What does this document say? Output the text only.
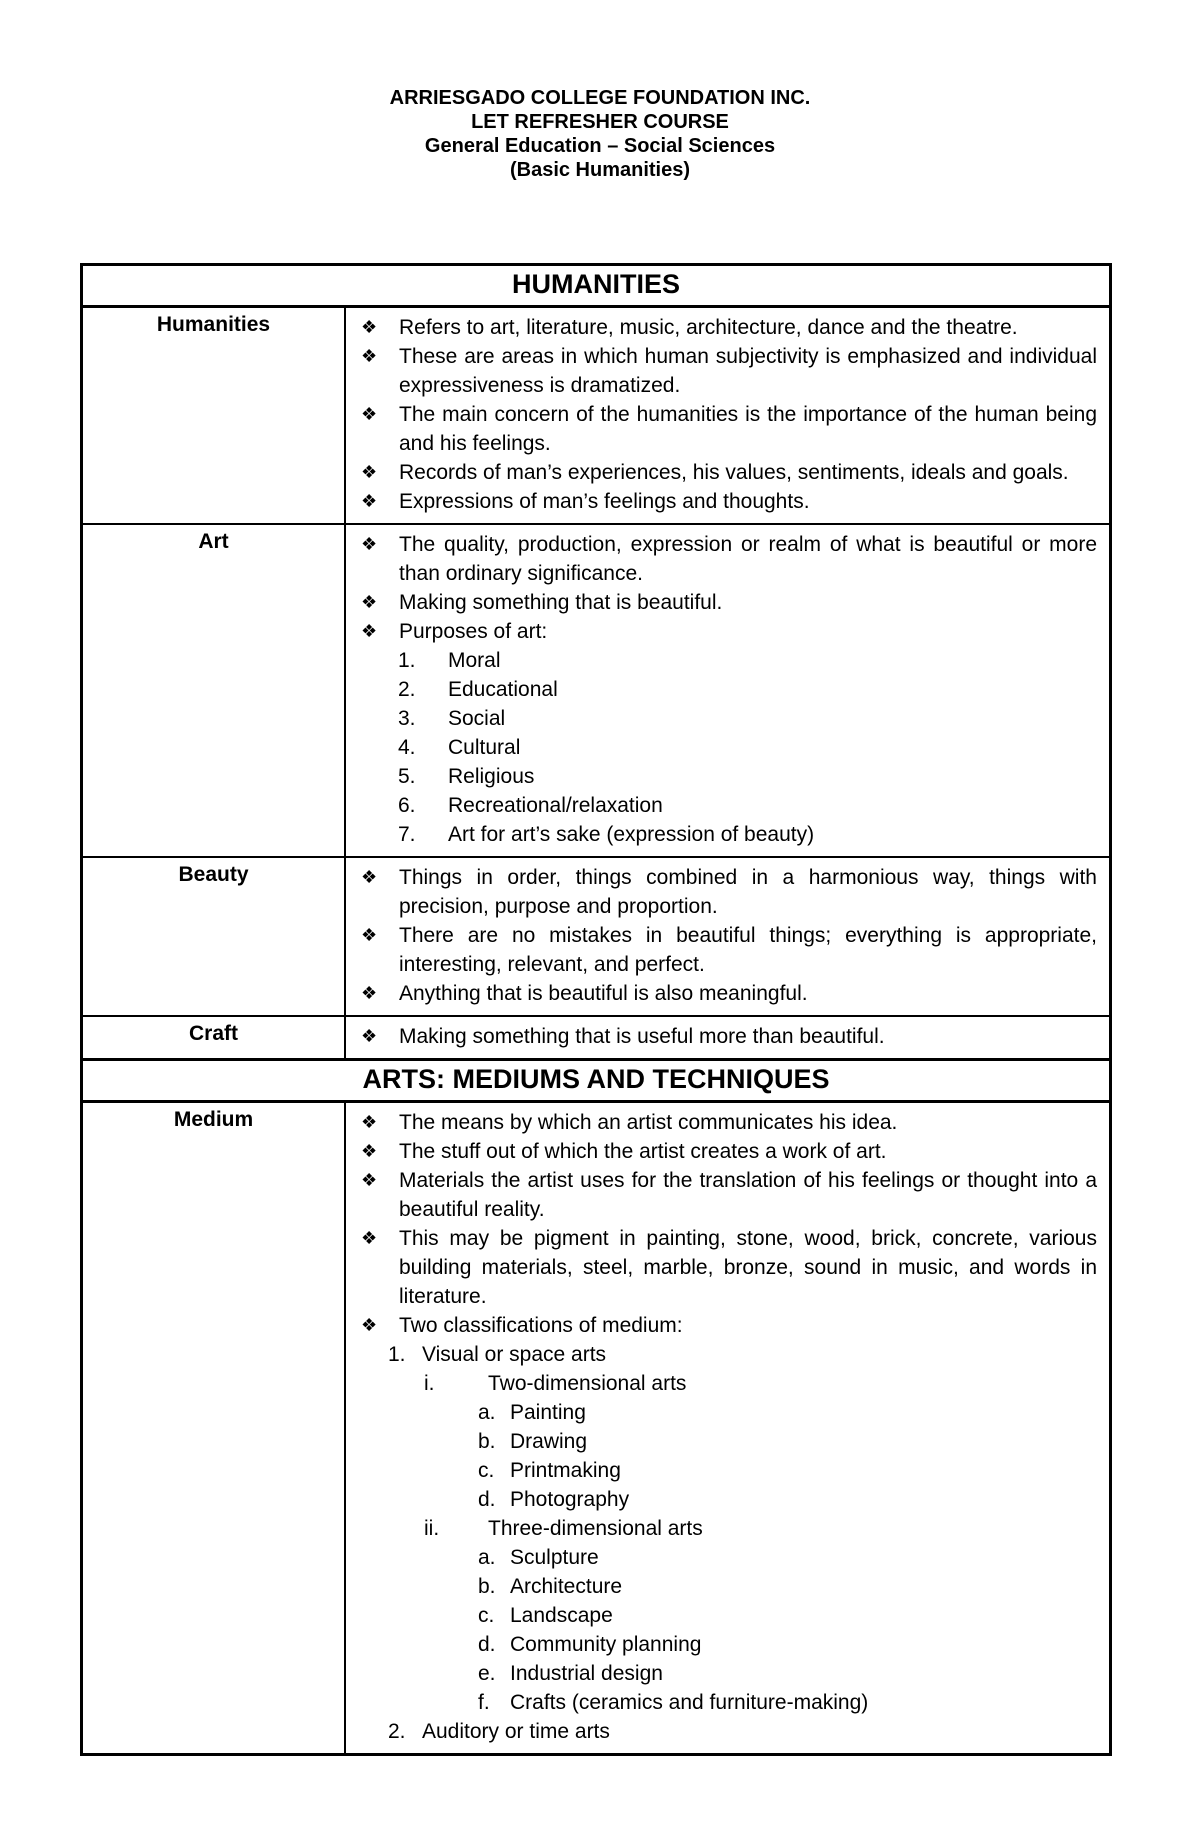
ARRIESGADO COLLEGE FOUNDATION INC.
LET REFRESHER COURSE
General Education – Social Sciences
(Basic Humanities)
HUMANITIES
Humanities	❖	Refers to art, literature, music, architecture, dance and the theatre.
❖	These are areas in which human subjectivity is emphasized and individual expressiveness is dramatized.
❖	The main concern of the humanities is the importance of the human being and his feelings.
❖	Records of man’s experiences, his values, sentiments, ideals and goals.
❖	Expressions of man’s feelings and thoughts.
Art	❖	The quality, production, expression or realm of what is beautiful or more than ordinary significance.
❖	Making something that is beautiful.
❖	Purposes of art:
1.	Moral
2.	Educational
3.	Social
4.	Cultural
5.	Religious
6.	Recreational/relaxation
7.	Art for art’s sake (expression of beauty)
Beauty	❖	Things in order, things combined in a harmonious way, things with precision, purpose and proportion.
❖	There are no mistakes in beautiful things; everything is appropriate, interesting, relevant, and perfect.
❖	Anything that is beautiful is also meaningful.
Craft	❖	Making something that is useful more than beautiful.
ARTS: MEDIUMS AND TECHNIQUES
Medium	❖	The means by which an artist communicates his idea.
❖	The stuff out of which the artist creates a work of art.
❖	Materials the artist uses for the translation of his feelings or thought into a beautiful reality.
❖	This may be pigment in painting, stone, wood, brick, concrete, various building materials, steel, marble, bronze, sound in music, and words in literature.
❖	Two classifications of medium:
1. Visual or space arts
i.	Two-dimensional arts
a. Painting
b. Drawing
c. Printmaking
d. Photography
ii.	Three-dimensional arts
a. Sculpture
b. Architecture
c. Landscape
d. Community planning
e. Industrial design
f. Crafts (ceramics and furniture-making)
2. Auditory or time arts
